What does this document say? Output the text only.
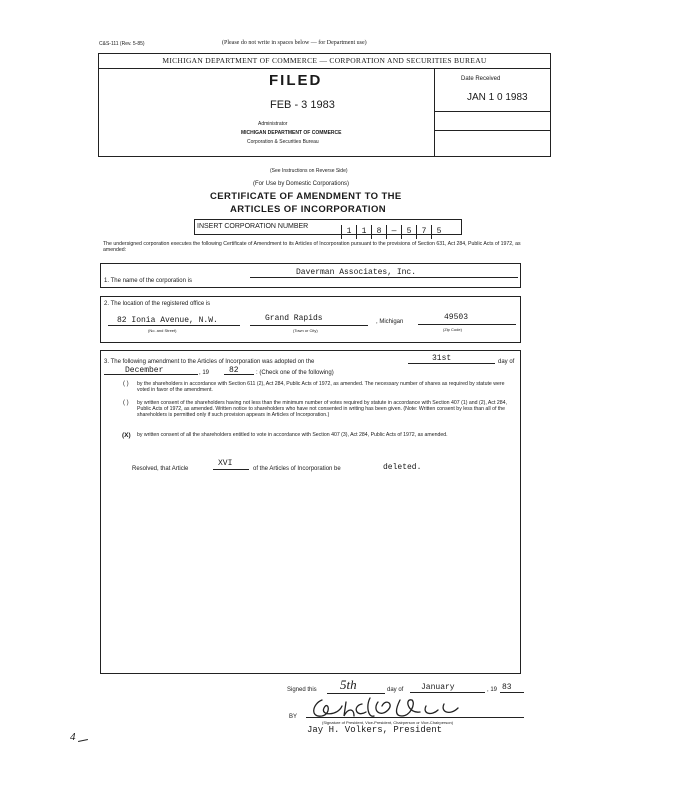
C&S-111 (Rev. 5-85)	(Please do not write in spaces below — for Department use)
MICHIGAN DEPARTMENT OF COMMERCE — CORPORATION AND SECURITIES BUREAU
FILED
FEB - 3 1983
Administrator
MICHIGAN DEPARTMENT OF COMMERCE
Corporation & Securities Bureau
Date Received
JAN 1 0 1983
(See Instructions on Reverse Side)
(For Use by Domestic Corporations)
CERTIFICATE OF AMENDMENT TO THE
ARTICLES OF INCORPORATION
INSERT CORPORATION NUMBER
1 1 8 — 5 7 5
The undersigned corporation executes the following Certificate of Amendment to its Articles of Incorporation pursuant to the provisions of Section 631, Act 284, Public Acts of 1972, as amended:
1. The name of the corporation is
Daverman Associates, Inc.
2. The location of the registered office is
82 Ionia Avenue, N.W.	Grand Rapids	, Michigan	49503
(No. and Street)	(Town or City)	(Zip Code)
3. The following amendment to the Articles of Incorporation was adopted on the	31st	day of
December	, 19 82	: (Check one of the following)
( ) by the shareholders in accordance with Section 611 (2), Act 284, Public Acts of 1972, as amended. The necessary number of shares as required by statute were voted in favor of the amendment.
( ) by written consent of the shareholders having not less than the minimum number of votes required by statute in accordance with Section 407 (1) and (2), Act 284, Public Acts of 1972, as amended. Written notice to shareholders who have not consented in writing has been given. (Note: Written consent by less than all of the shareholders is permitted only if such provision appears in Articles of Incorporation.)
(X) by written consent of all the shareholders entitled to vote in accordance with Section 407 (3), Act 284, Public Acts of 1972, as amended.
Resolved, that Article
XVI
of the Articles of Incorporation be	deleted.
Signed this 5th	day of January	, 19 83
BY
(Signature of President, Vice-President, Chairperson or Vice-Chairperson)
Jay H. Volkers, President
4
